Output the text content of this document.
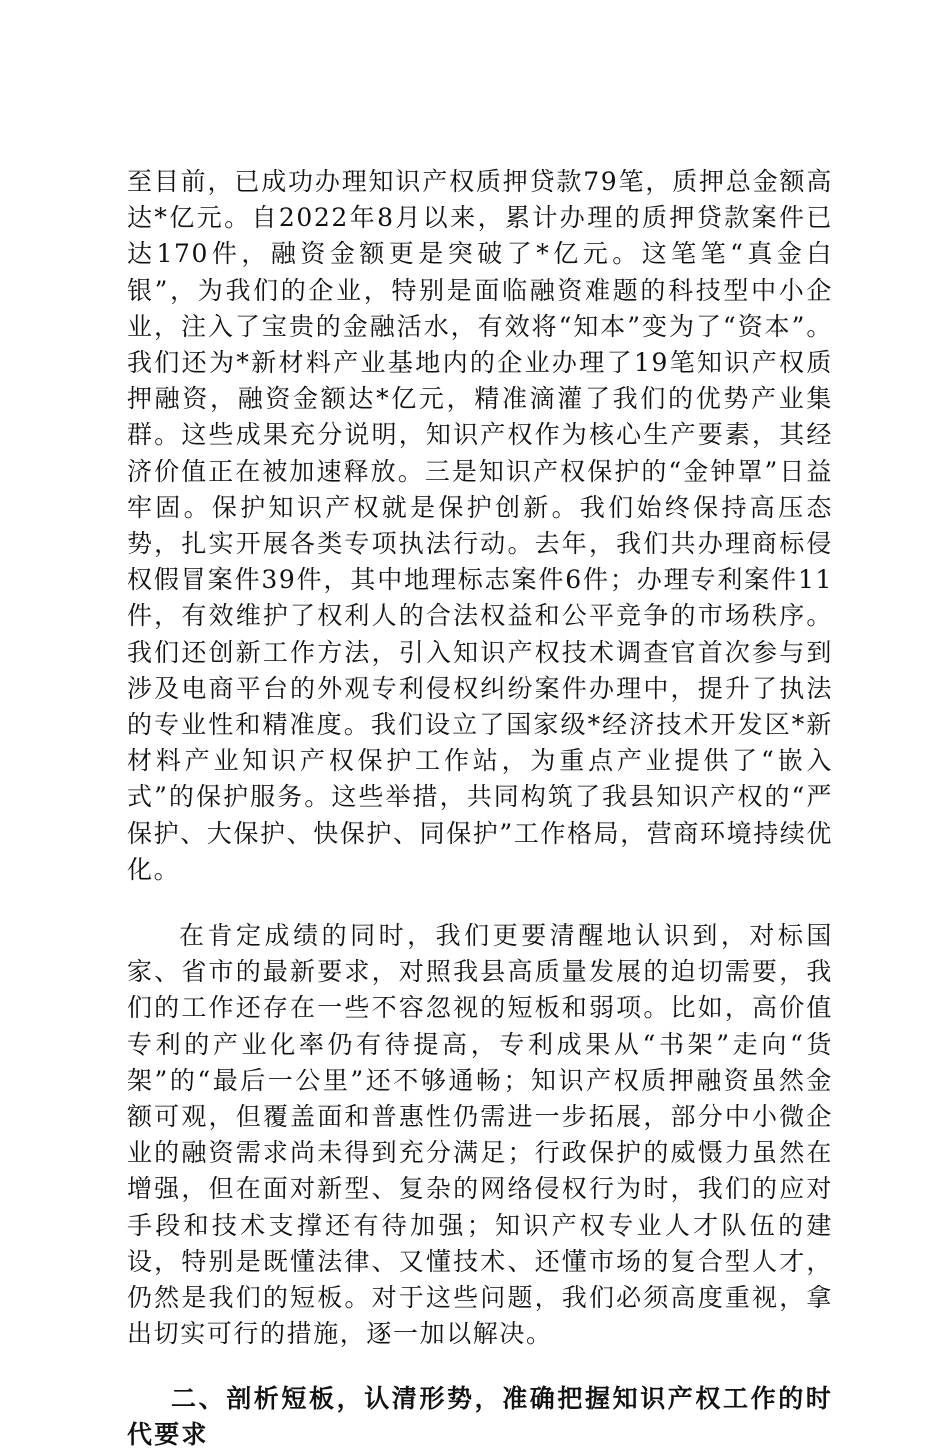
至目前，已成功办理知识产权质押贷款79笔，质押总金额高达*亿元。自2022年8月以来，累计办理的质押贷款案件已达170件，融资金额更是突破了*亿元。这笔笔“真金白银”，为我们的企业，特别是面临融资难题的科技型中小企业，注入了宝贵的金融活水，有效将“知本”变为了“资本”。我们还为*新材料产业基地内的企业办理了19笔知识产权质押融资，融资金额达*亿元，精准滴灌了我们的优势产业集群。这些成果充分说明，知识产权作为核心生产要素，其经济价值正在被加速释放。三是知识产权保护的“金钟罩”日益牢固。保护知识产权就是保护创新。我们始终保持高压态势，扎实开展各类专项执法行动。去年，我们共办理商标侵权假冒案件39件，其中地理标志案件6件；办理专利案件11件，有效维护了权利人的合法权益和公平竞争的市场秩序。我们还创新工作方法，引入知识产权技术调查官首次参与到涉及电商平台的外观专利侵权纠纷案件办理中，提升了执法的专业性和精准度。我们设立了国家级*经济技术开发区*新材料产业知识产权保护工作站，为重点产业提供了“嵌入式”的保护服务。这些举措，共同构筑了我县知识产权的“严保护、大保护、快保护、同保护”工作格局，营商环境持续优化。

在肯定成绩的同时，我们更要清醒地认识到，对标国家、省市的最新要求，对照我县高质量发展的迫切需要，我们的工作还存在一些不容忽视的短板和弱项。比如，高价值专利的产业化率仍有待提高，专利成果从“书架”走向“货架”的“最后一公里”还不够通畅；知识产权质押融资虽然金额可观，但覆盖面和普惠性仍需进一步拓展，部分中小微企业的融资需求尚未得到充分满足；行政保护的威慑力虽然在增强，但在面对新型、复杂的网络侵权行为时，我们的应对手段和技术支撑还有待加强；知识产权专业人才队伍的建设，特别是既懂法律、又懂技术、还懂市场的复合型人才，仍然是我们的短板。对于这些问题，我们必须高度重视，拿出切实可行的措施，逐一加以解决。

二、剖析短板，认清形势，准确把握知识产权工作的时代要求
